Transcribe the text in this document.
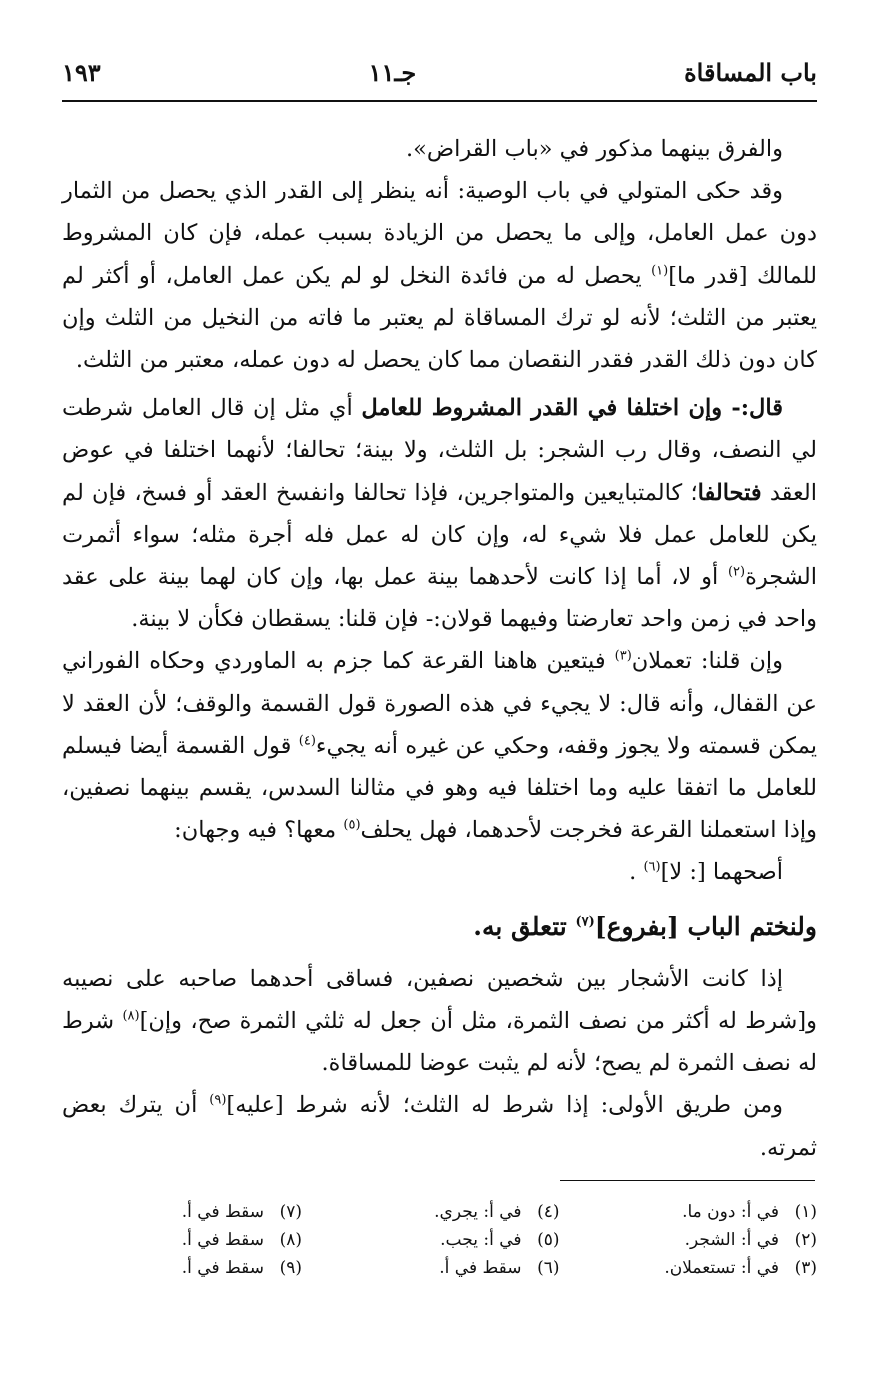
باب المساقاة
جـ١١
١٩٣

والفرق بينهما مذكور في «باب القراض».

وقد حكى المتولي في باب الوصية: أنه ينظر إلى القدر الذي يحصل من الثمار دون عمل العامل، وإلى ما يحصل من الزيادة بسبب عمله، فإن كان المشروط للمالك [قدر ما]$^{(١)}$ يحصل له من فائدة النخل لو لم يكن عمل العامل، أو أكثر لم يعتبر من الثلث؛ لأنه لو ترك المساقاة لم يعتبر ما فاته من النخيل من الثلث وإن كان دون ذلك القدر فقدر النقصان مما كان يحصل له دون عمله، معتبر من الثلث.

قال:- وإن اختلفا في القدر المشروط للعامل أي مثل إن قال العامل شرطت لي النصف، وقال رب الشجر: بل الثلث، ولا بينة؛ تحالفا؛ لأنهما اختلفا في عوض العقد فتحالفا؛ كالمتبايعين والمتواجرين، فإذا تحالفا وانفسخ العقد أو فسخ، فإن لم يكن للعامل عمل فلا شيء له، وإن كان له عمل فله أجرة مثله؛ سواء أثمرت الشجرة$^{(٢)}$ أو لا، أما إذا كانت لأحدهما بينة عمل بها، وإن كان لهما بينة على عقد واحد في زمن واحد تعارضتا وفيهما قولان:- فإن قلنا: يسقطان فكأن لا بينة.

وإن قلنا: تعملان$^{(٣)}$ فيتعين هاهنا القرعة كما جزم به الماوردي وحكاه الفوراني عن القفال، وأنه قال: لا يجيء في هذه الصورة قول القسمة والوقف؛ لأن العقد لا يمكن قسمته ولا يجوز وقفه، وحكي عن غيره أنه يجيء$^{(٤)}$ قول القسمة أيضا فيسلم للعامل ما اتفقا عليه وما اختلفا فيه وهو في مثالنا السدس، يقسم بينهما نصفين، وإذا استعملنا القرعة فخرجت لأحدهما، فهل يحلف$^{(٥)}$ معها؟ فيه وجهان:

أصحهما [: لا]$^{(٦)}$ .

ولنختم الباب [بفروع]$^{(٧)}$ تتعلق به.

إذا كانت الأشجار بين شخصين نصفين، فساقى أحدهما صاحبه على نصيبه و[شرط له أكثر من نصف الثمرة، مثل أن جعل له ثلثي الثمرة صح، وإن]$^{(٨)}$ شرط له نصف الثمرة لم يصح؛ لأنه لم يثبت عوضا للمساقاة.

ومن طريق الأولى: إذا شرط له الثلث؛ لأنه شرط [عليه]$^{(٩)}$ أن يترك بعض ثمرته.

(١)في أ: دون ما.
(٢)في أ: الشجر.
(٣)في أ: تستعملان.
(٤)في أ: يجري.
(٥)في أ: يجب.
(٦)سقط في أ.
(٧)سقط في أ.
(٨)سقط في أ.
(٩)سقط في أ.
